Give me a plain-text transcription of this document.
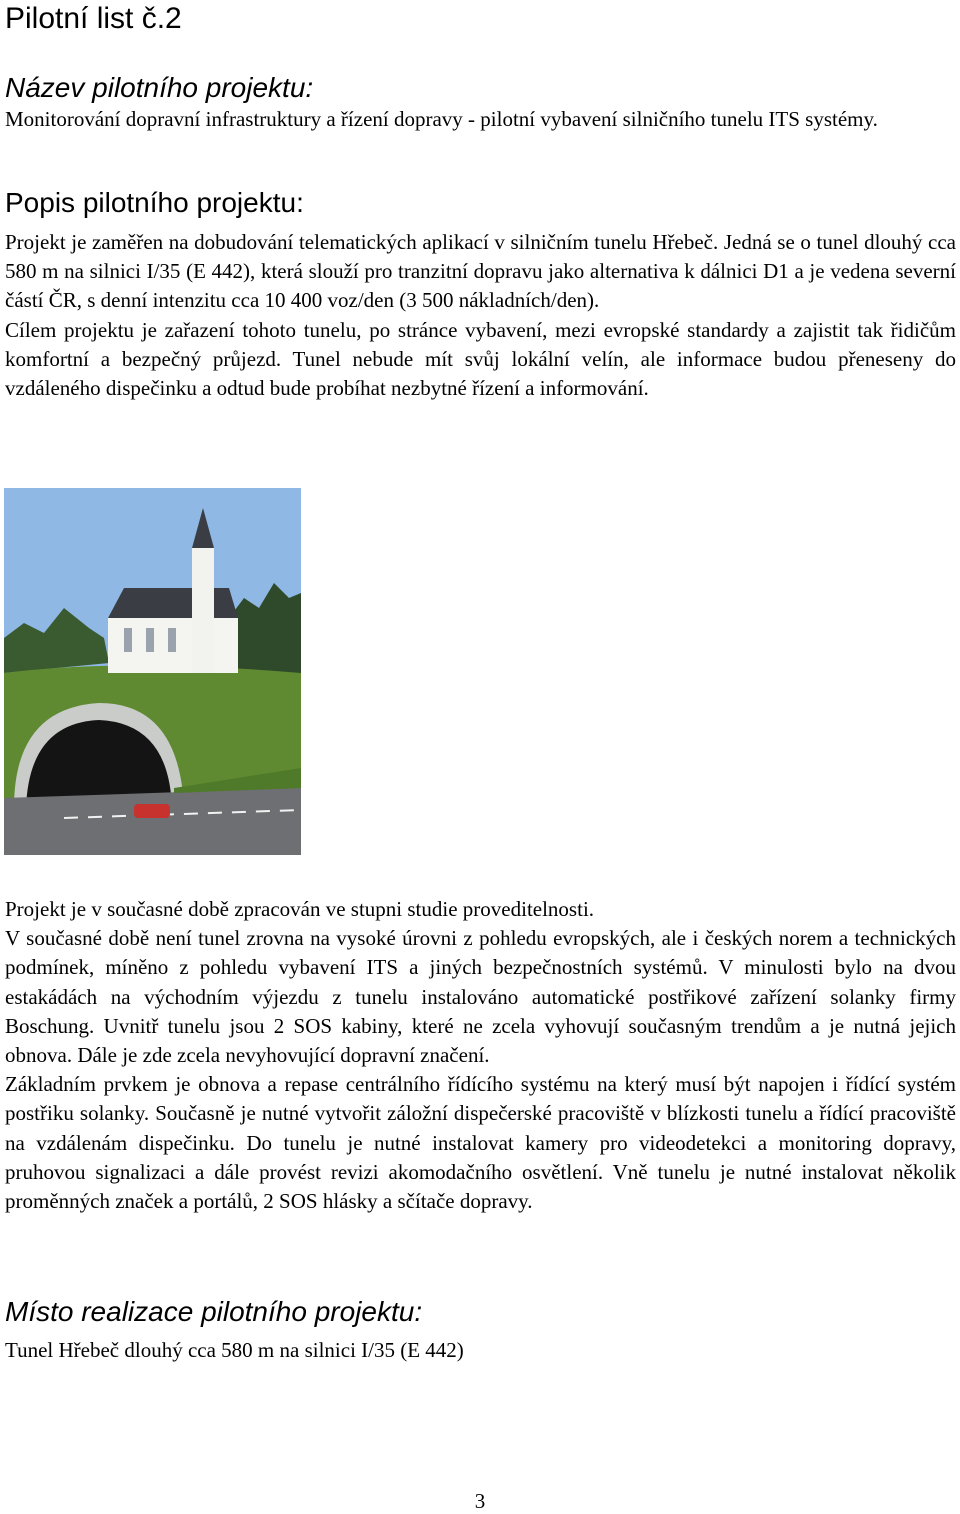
Pilotní list č.2
Název pilotního projektu:

Monitorování dopravní infrastruktury a řízení dopravy - pilotní vybavení silničního tunelu ITS systémy.

Popis pilotního projektu:

Projekt je zaměřen na dobudování telematických aplikací v silničním tunelu Hřebeč. Jedná se o tunel dlouhý cca 580 m na silnici I/35 (E 442), která slouží pro tranzitní dopravu jako alternativa k dálnici D1 a je vedena severní částí ČR, s denní intenzitu cca 10 400 voz/den (3 500 nákladních/den).

Cílem projektu je zařazení tohoto tunelu, po stránce vybavení, mezi evropské standardy a zajistit tak řidičům komfortní a bezpečný průjezd. Tunel nebude mít svůj lokální velín, ale informace budou přeneseny do vzdáleného dispečinku a odtud bude probíhat nezbytné řízení a informování.

Projekt je v současné době zpracován ve stupni studie proveditelnosti.

V současné době není tunel zrovna na vysoké úrovni z pohledu evropských, ale i českých norem a technických podmínek, míněno z pohledu vybavení ITS a jiných bezpečnostních systémů. V minulosti bylo na dvou estakádách na východním výjezdu z tunelu instalováno automatické postřikové zařízení solanky firmy Boschung. Uvnitř tunelu jsou 2 SOS kabiny, které ne zcela vyhovují současným trendům a je nutná jejich obnova. Dále je zde zcela nevyhovující dopravní značení.

Základním prvkem je obnova a repase centrálního řídícího systému na který musí být napojen i řídící systém postřiku solanky. Současně je nutné vytvořit záložní dispečerské pracoviště v blízkosti tunelu a řídící pracoviště na vzdálenám dispečinku. Do tunelu je nutné instalovat kamery pro videodetekci a monitoring dopravy, pruhovou signalizaci a dále provést revizi akomodačního osvětlení. Vně tunelu je nutné instalovat několik proměnných značek a portálů, 2 SOS hlásky a sčítače dopravy.

Místo realizace pilotního projektu:

Tunel Hřebeč dlouhý cca 580 m na silnici I/35 (E 442)

3
